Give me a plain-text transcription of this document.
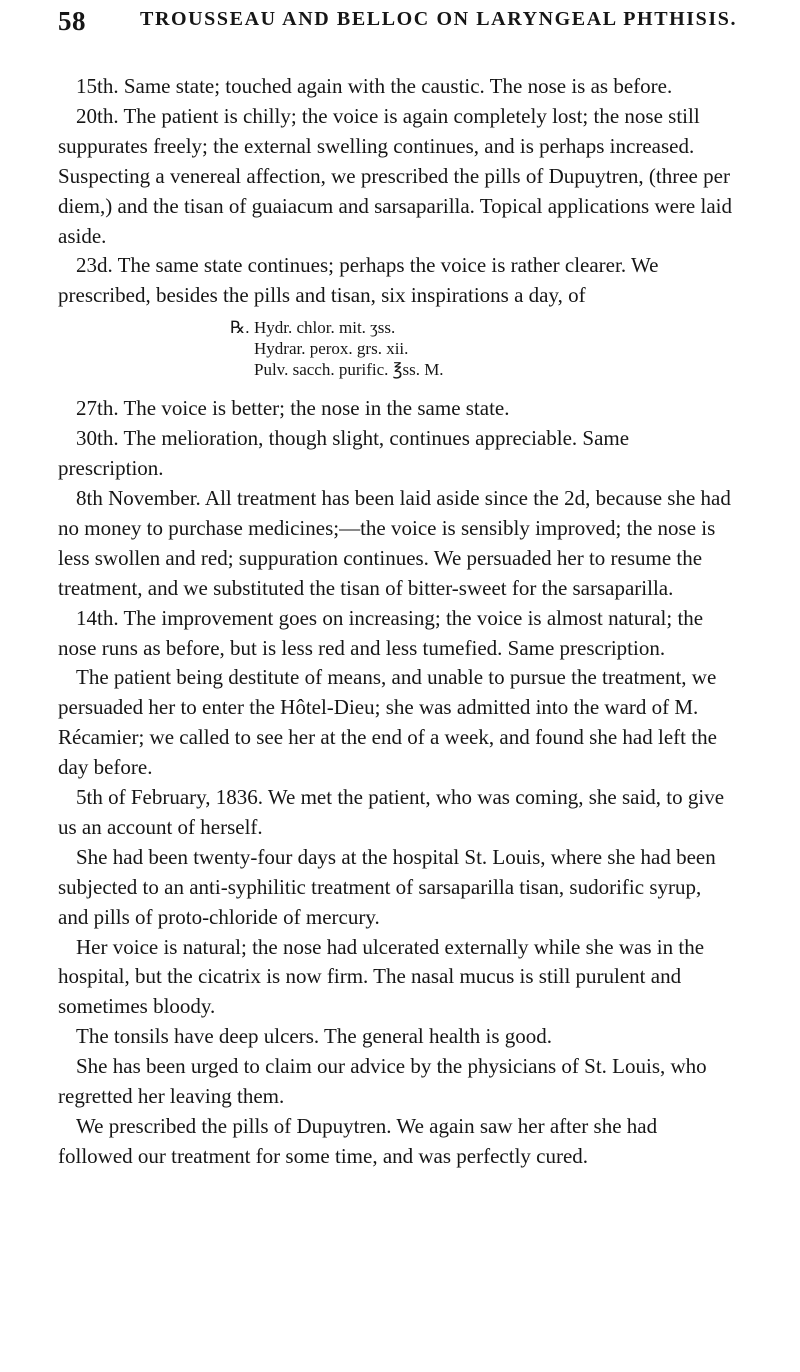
58	TROUSSEAU AND BELLOC ON LARYNGEAL PHTHISIS.

15th. Same state; touched again with the caustic. The nose is as before.

20th. The patient is chilly; the voice is again completely lost; the nose still suppurates freely; the external swelling continues, and is perhaps increased. Suspecting a venereal affection, we prescribed the pills of Dupuytren, (three per diem,) and the tisan of guaiacum and sarsaparilla. Topical applications were laid aside.

23d. The same state continues; perhaps the voice is rather clearer. We prescribed, besides the pills and tisan, six inspirations a day, of

℞. Hydr. chlor. mit. ʒss.
Hydrar. perox. grs. xii.
Pulv. sacch. purific. ℥ss. M.

27th. The voice is better; the nose in the same state.

30th. The melioration, though slight, continues appreciable. Same prescription.

8th November. All treatment has been laid aside since the 2d, because she had no money to purchase medicines;—the voice is sensibly improved; the nose is less swollen and red; suppuration continues. We persuaded her to resume the treatment, and we substituted the tisan of bitter-sweet for the sarsaparilla.

14th. The improvement goes on increasing; the voice is almost natural; the nose runs as before, but is less red and less tumefied. Same prescription.

The patient being destitute of means, and unable to pursue the treatment, we persuaded her to enter the Hôtel-Dieu; she was admitted into the ward of M. Récamier; we called to see her at the end of a week, and found she had left the day before.

5th of February, 1836. We met the patient, who was coming, she said, to give us an account of herself.

She had been twenty-four days at the hospital St. Louis, where she had been subjected to an anti-syphilitic treatment of sarsaparilla tisan, sudorific syrup, and pills of proto-chloride of mercury.

Her voice is natural; the nose had ulcerated externally while she was in the hospital, but the cicatrix is now firm. The nasal mucus is still purulent and sometimes bloody.

The tonsils have deep ulcers. The general health is good.

She has been urged to claim our advice by the physicians of St. Louis, who regretted her leaving them.

We prescribed the pills of Dupuytren. We again saw her after she had followed our treatment for some time, and was perfectly cured.
